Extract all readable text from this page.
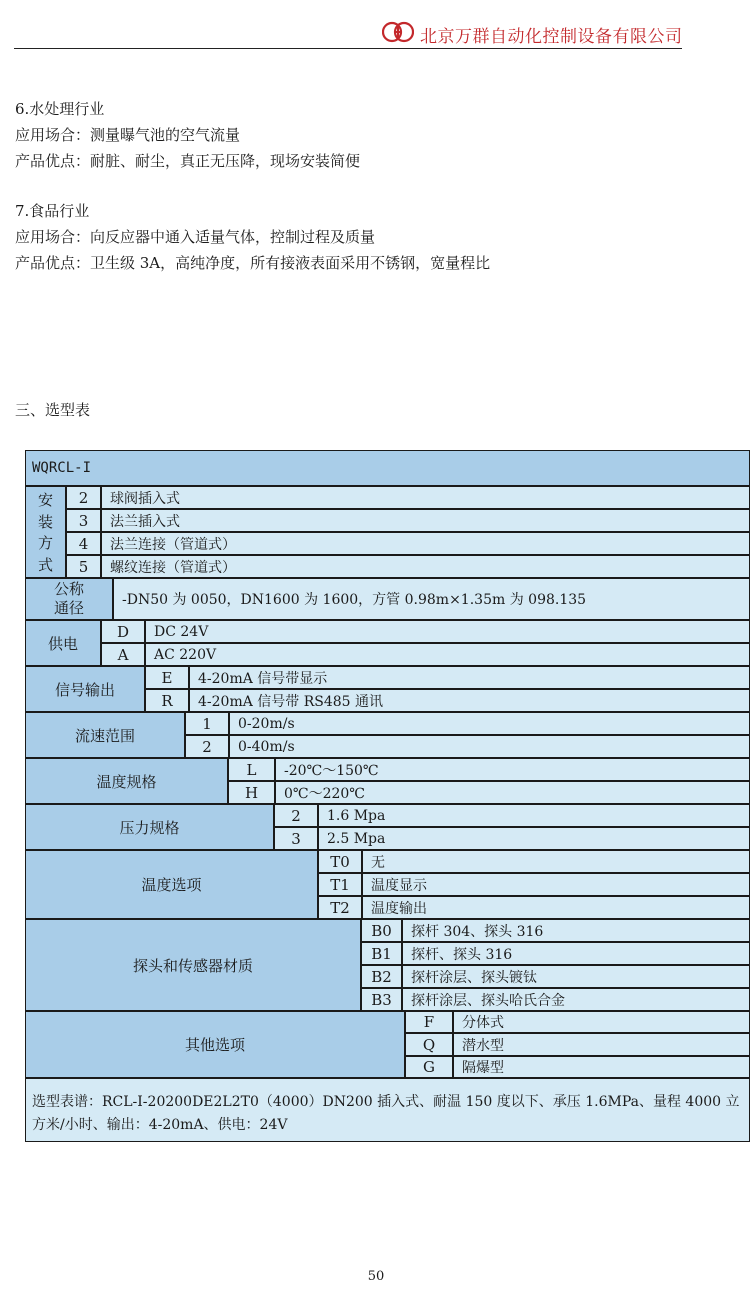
北京万群自动化控制设备有限公司
6.水处理行业
应用场合：测量曝气池的空气流量
产品优点：耐脏、耐尘，真正无压降，现场安装简便
7.食品行业
应用场合：向反应器中通入适量气体，控制过程及质量
产品优点：卫生级 3A，高纯净度，所有接液表面采用不锈钢，宽量程比
三、选型表
WQRCL-I
安
装
方
式
2	球阀插入式
3	法兰插入式
4	法兰连接（管道式）
5	螺纹连接（管道式）
公称
通径	-DN50 为 0050，DN1600 为 1600，方管 0.98m×1.35m 为 098.135
供电
D	DC 24V
A	AC 220V
信号输出
E	4-20mA 信号带显示
R	4-20mA 信号带 RS485 通讯
流速范围
1	0-20m/s
2	0-40m/s
温度规格
L	-20℃～150℃
H	0℃～220℃
压力规格
2	1.6 Mpa
3	2.5 Mpa
温度选项
T0	无
T1	温度显示
T2	温度输出
探头和传感器材质
B0	探杆 304、探头 316
B1	探杆、探头 316
B2	探杆涂层、探头镀钛
B3	探杆涂层、探头哈氏合金
其他选项
F	分体式
Q	潜水型
G	隔爆型
选型表谱：RCL-I-20200DE2L2T0（4000）DN200 插入式、耐温 150 度以下、承压 1.6MPa、量程 4000 立方米/小时、输出：4-20mA、供电：24V
50
